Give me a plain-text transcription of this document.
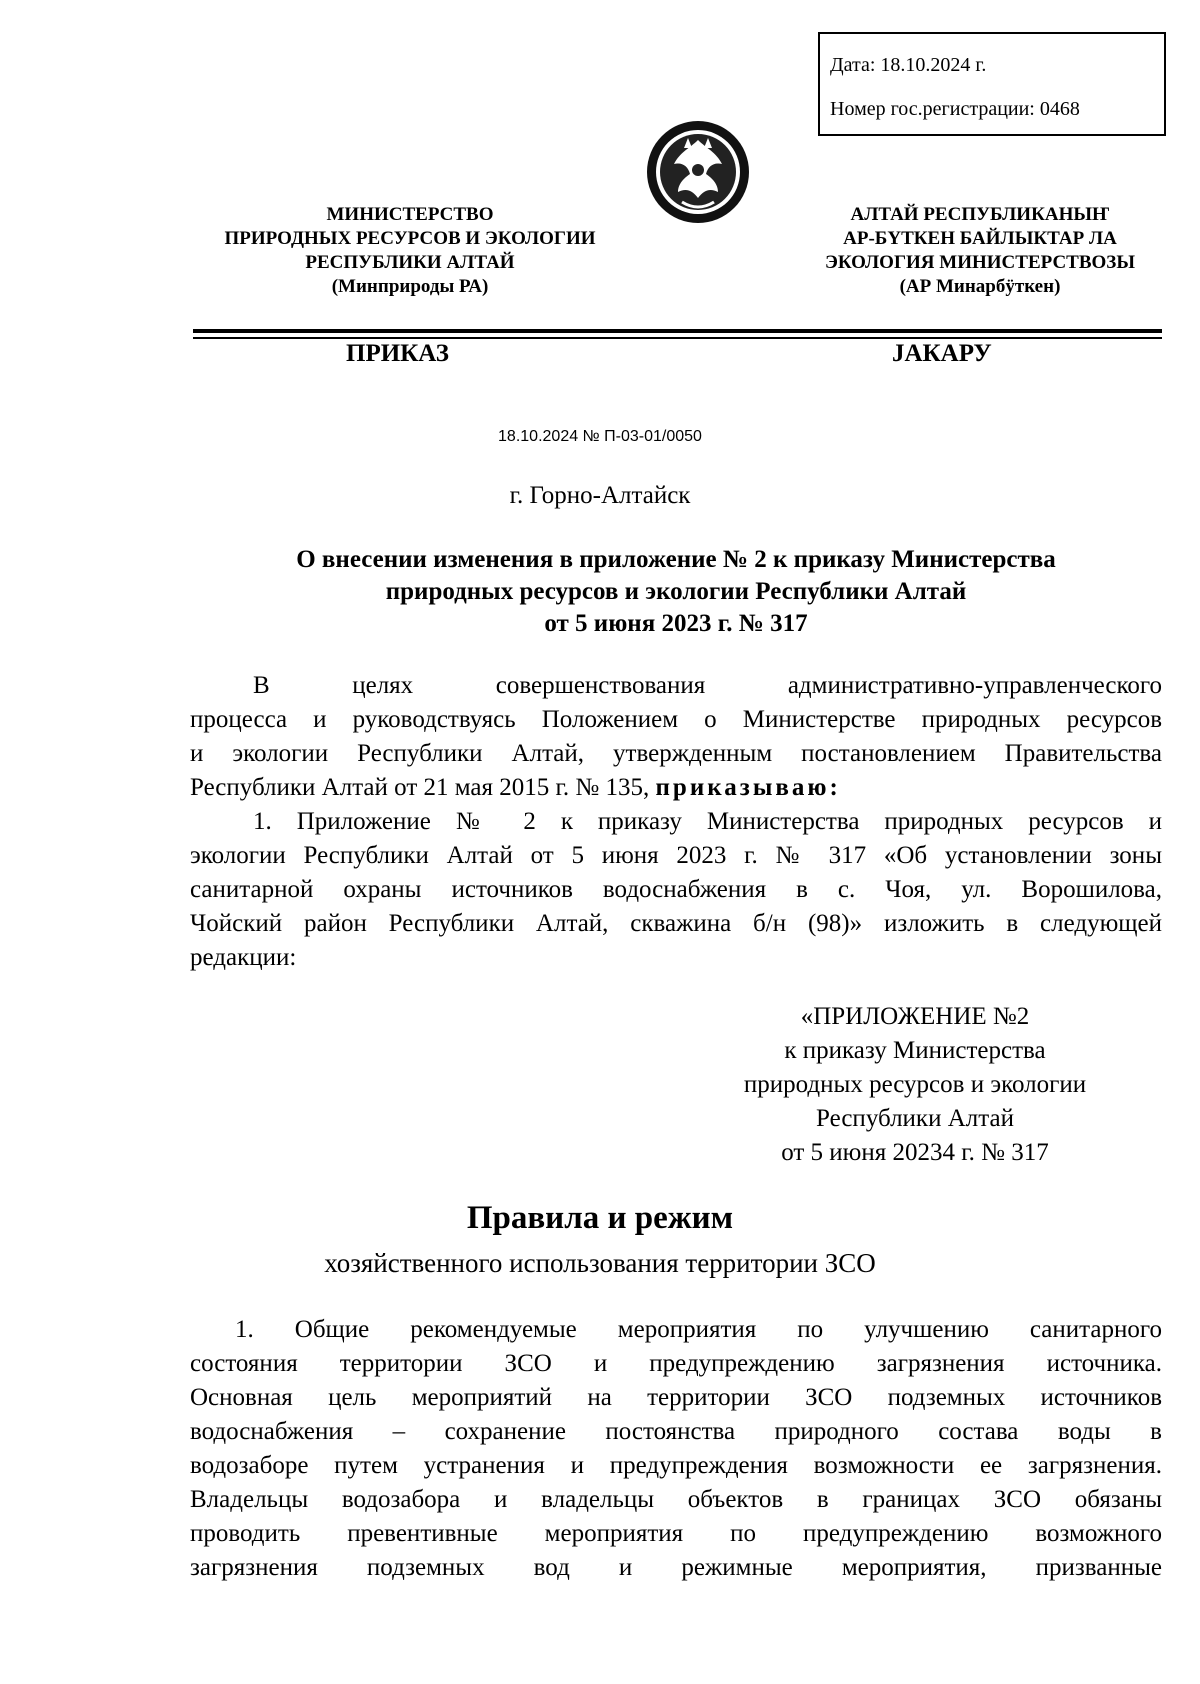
Дата: 18.10.2024 г.
Номер гос.регистрации: 0468
МИНИСТЕРСТВО
ПРИРОДНЫХ РЕСУРСОВ И ЭКОЛОГИИ
РЕСПУБЛИКИ АЛТАЙ
(Минприроды РА)
АЛТАЙ РЕСПУБЛИКАНЫҤ
АР-БҮТКЕН БАЙЛЫКТАР ЛА
ЭКОЛОГИЯ МИНИСТЕРСТВОЗЫ
(АР Минарбӱткен)
ПРИКАЗ	JАКАРУ
18.10.2024 № П-03-01/0050
г. Горно-Алтайск
О внесении изменения в приложение № 2 к приказу Министерства
природных ресурсов и экологии Республики Алтай
от 5 июня 2023 г. № 317
В целях совершенствования административно-управленческого
процесса и руководствуясь Положением о Министерстве природных ресурсов
и экологии Республики Алтай, утвержденным постановлением Правительства
Республики Алтай от 21 мая 2015 г. № 135, приказываю:
1. Приложение № 2 к приказу Министерства природных ресурсов и
экологии Республики Алтай от 5 июня 2023 г. № 317 «Об установлении зоны
санитарной охраны источников водоснабжения в с. Чоя, ул. Ворошилова,
Чойский район Республики Алтай, скважина б/н (98)» изложить в следующей
редакции:
«ПРИЛОЖЕНИЕ №2
к приказу Министерства
природных ресурсов и экологии
Республики Алтай
от 5 июня 20234 г. № 317
Правила и режим
хозяйственного использования территории ЗСО
1. Общие рекомендуемые мероприятия по улучшению санитарного
состояния территории ЗСО и предупреждению загрязнения источника.
Основная цель мероприятий на территории ЗСО подземных источников
водоснабжения – сохранение постоянства природного состава воды в
водозаборе путем устранения и предупреждения возможности ее загрязнения.
Владельцы водозабора и владельцы объектов в границах ЗСО обязаны
проводить превентивные мероприятия по предупреждению возможного
загрязнения подземных вод и режимные мероприятия, призванные
